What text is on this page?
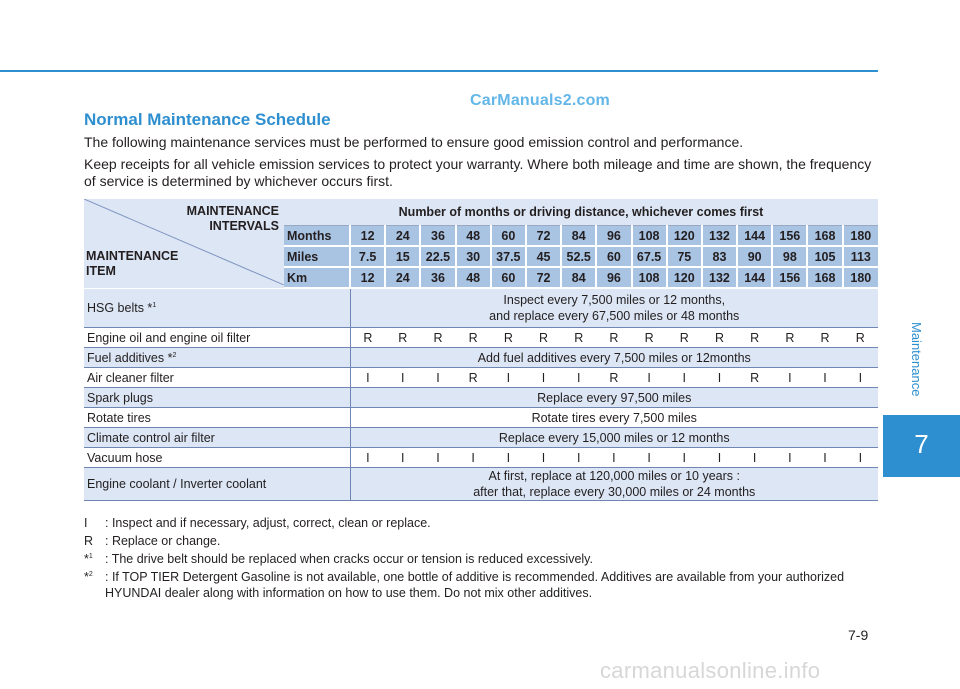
CarManuals2.com
Normal Maintenance Schedule
The following maintenance services must be performed to ensure good emission control and performance.
Keep receipts for all vehicle emission services to protect your warranty. Where both mileage and time are shown, the frequency of service is determined by whichever occurs first.
MAINTENANCE
INTERVALS
MAINTENANCE
ITEM	Number of months or driving distance, whichever comes first															
	Months	12	24	36	48	60	72	84	96	108	120	132	144	156	168	180
	Miles	7.5	15	22.5	30	37.5	45	52.5	60	67.5	75	83	90	98	105	113
	Km	12	24	36	48	60	72	84	96	108	120	132	144	156	168	180
HSG belts *$^1$		Inspect every 7,500 miles or 12 months,
and replace every 67,500 miles or 48 months														
Engine oil and engine oil filter		R	R	R	R	R	R	R	R	R	R	R	R	R	R	R
Fuel additives *$^2$		Add fuel additives every 7,500 miles or 12months														
Air cleaner filter		I	I	I	R	I	I	I	R	I	I	I	R	I	I	I
Spark plugs		Replace every 97,500 miles														
Rotate tires		Rotate tires every 7,500 miles														
Climate control air filter		Replace every 15,000 miles or 12 months														
Vacuum hose		I	I	I	I	I	I	I	I	I	I	I	I	I	I	I
Engine coolant / Inverter coolant		At first, replace at 120,000 miles or 10 years :
after that, replace every 30,000 miles or 24 months														
I : Inspect and if necessary, adjust, correct, clean or replace.
R : Replace or change.
*$^1$ : The drive belt should be replaced when cracks occur or tension is reduced excessively.
*$^2$ : If TOP TIER Detergent Gasoline is not available, one bottle of additive is recommended. Additives are available from your authorized HYUNDAI dealer along with information on how to use them. Do not mix other additives.
Maintenance
7
7-9
carmanualsonline.info
